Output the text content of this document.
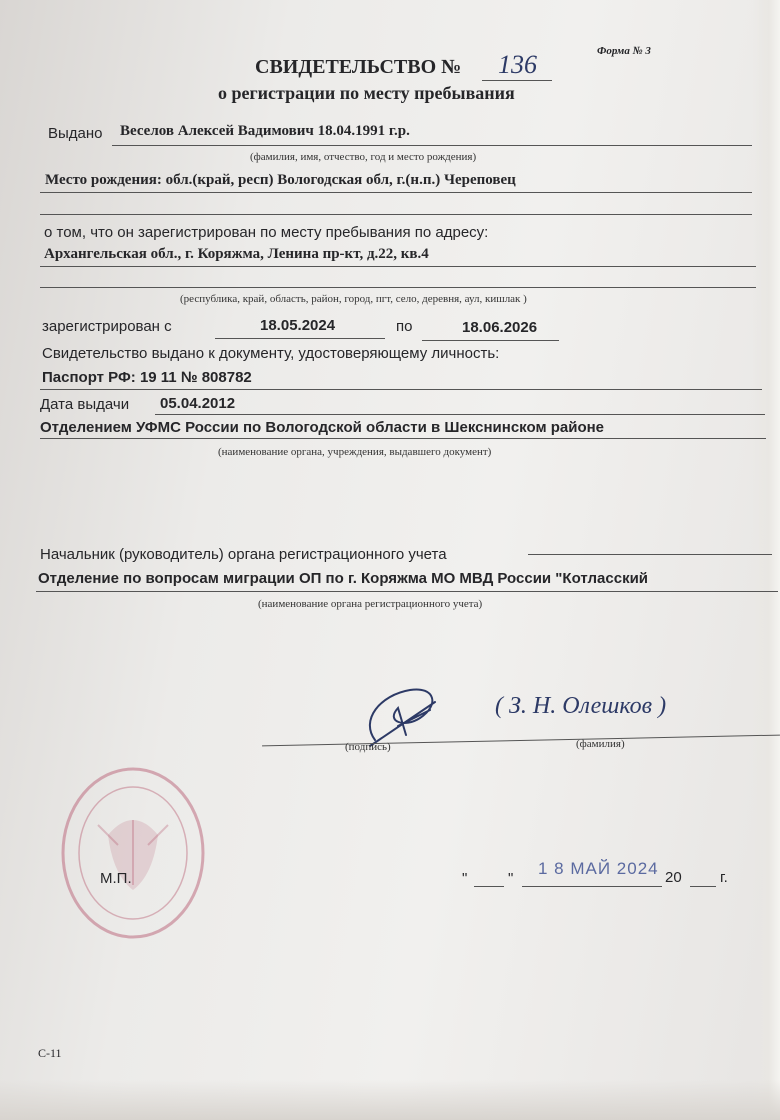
Форма № 3
СВИДЕТЕЛЬСТВО № 136
о регистрации по месту пребывания
Выдано Веселов Алексей Вадимович 18.04.1991 г.р.
(фамилия, имя, отчество, год и место рождения)
Место рождения: обл.(край, респ) Вологодская обл, г.(н.п.) Череповец
о том, что он зарегистрирован по месту пребывания по адресу:
Архангельская обл., г. Коряжма, Ленина пр-кт, д.22, кв.4
(республика, край, область, район, город, пгт, село, деревня, аул, кишлак )
зарегистрирован с	18.05.2024	по	18.06.2026
Свидетельство выдано к документу, удостоверяющему личность:
Паспорт РФ: 19 11 № 808782
Дата выдачи 05.04.2012
Отделением УФМС России по Вологодской области в Шекснинском районе
(наименование органа, учреждения, выдавшего документ)
Начальник (руководитель) органа регистрационного учета
Отделение по вопросам миграции ОП по г. Коряжма МО МВД России "Котласский
(наименование органа регистрационного учета)
( З. Н. Олешков )
(подпись)	(фамилия)
М.П.	"	"
1 8 МАЙ 2024 20	г.
С-11
